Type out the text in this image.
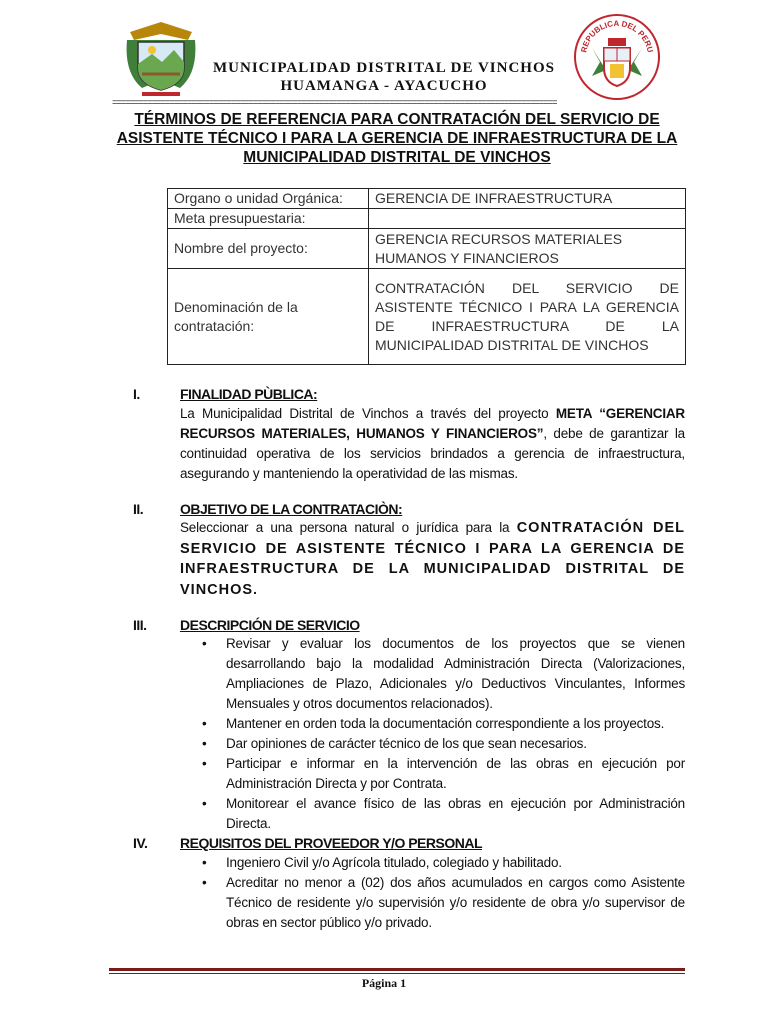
MUNICIPALIDAD DISTRITAL DE VINCHOS
HUAMANGA - AYACUCHO
REPUBLICA DEL PERU
=====================================================================================================
TÉRMINOS DE REFERENCIA PARA CONTRATACIÓN DEL SERVICIO DE ASISTENTE TÉCNICO I PARA LA GERENCIA DE INFRAESTRUCTURA DE LA MUNICIPALIDAD DISTRITAL DE VINCHOS
Organo o unidad Orgánica:	GERENCIA DE INFRAESTRUCTURA
Meta presupuestaria:	
Nombre del proyecto:	GERENCIA RECURSOS MATERIALES HUMANOS Y FINANCIEROS
Denominación de la contratación:	CONTRATACIÓN DEL SERVICIO DE ASISTENTE TÉCNICO I PARA LA GERENCIA DE INFRAESTRUCTURA DE LA MUNICIPALIDAD DISTRITAL DE VINCHOS
I.	FINALIDAD PÙBLICA:
La Municipalidad Distrital de Vinchos a través del proyecto META “GERENCIAR RECURSOS MATERIALES, HUMANOS Y FINANCIEROS”, debe de garantizar la continuidad operativa de los servicios brindados a gerencia de infraestructura, asegurando y manteniendo la operatividad de las mismas.
II.	OBJETIVO DE LA CONTRATACIÒN:
Seleccionar a una persona natural o jurídica para la CONTRATACIÓN DEL SERVICIO DE ASISTENTE TÉCNICO I PARA LA GERENCIA DE INFRAESTRUCTURA DE LA MUNICIPALIDAD DISTRITAL DE VINCHOS.
III. DESCRIPCIÓN DE SERVICIO
• Revisar y evaluar los documentos de los proyectos que se vienen desarrollando bajo la modalidad Administración Directa (Valorizaciones, Ampliaciones de Plazo, Adicionales y/o Deductivos Vinculantes, Informes Mensuales y otros documentos relacionados).
• Mantener en orden toda la documentación correspondiente a los proyectos.
• Dar opiniones de carácter técnico de los que sean necesarios.
• Participar e informar en la intervención de las obras en ejecución por Administración Directa y por Contrata.
• Monitorear el avance físico de las obras en ejecución por Administración Directa.
IV. REQUISITOS DEL PROVEEDOR Y/O PERSONAL
• Ingeniero Civil y/o Agrícola titulado, colegiado y habilitado.
• Acreditar no menor a (02) dos años acumulados en cargos como Asistente Técnico de residente y/o supervisión y/o residente de obra y/o supervisor de obras en sector público y/o privado.
Página 1
